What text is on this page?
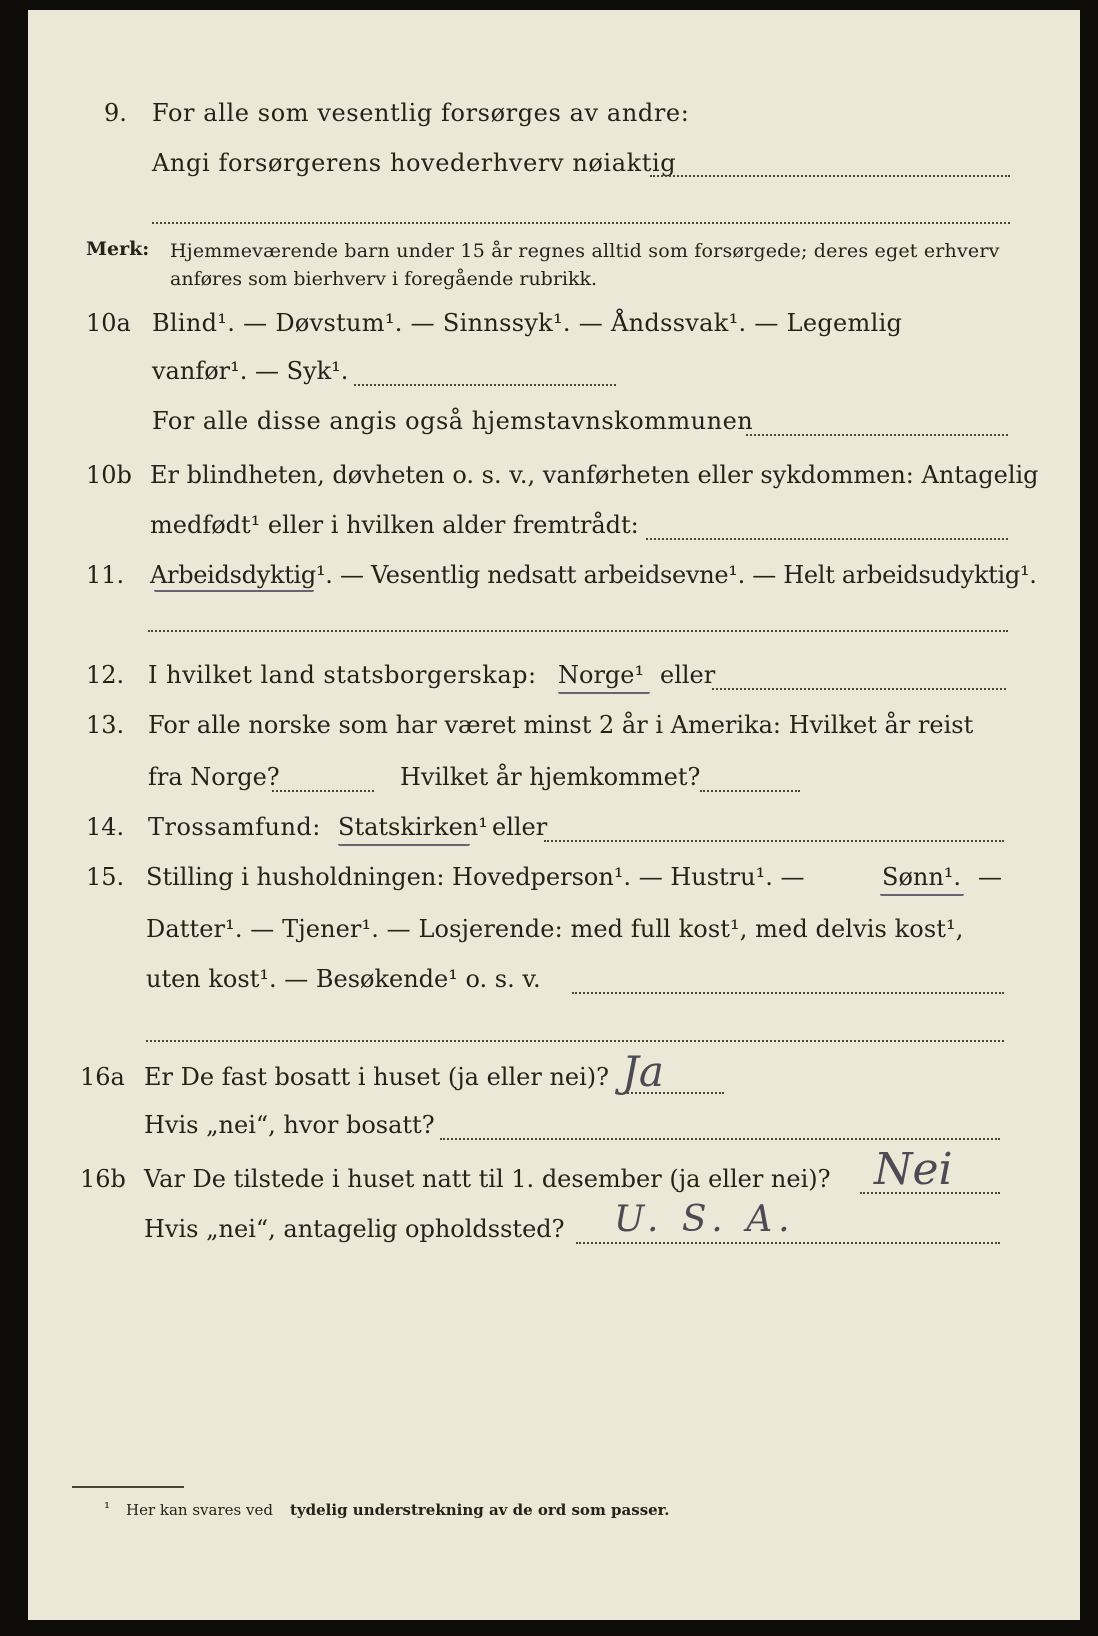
9. For alle som vesentlig forsørges av andre:
Angi forsørgerens hovederhverv nøiaktig
Merk: Hjemmeværende barn under 15 år regnes alltid som forsørgede; deres eget erhverv
anføres som bierhverv i foregående rubrikk.
10a Blind¹. — Døvstum¹. — Sinnssyk¹. — Åndssvak¹. — Legemlig
vanfør¹. — Syk¹.
For alle disse angis også hjemstavnskommunen
10b Er blindheten, døvheten o. s. v., vanførheten eller sykdommen: Antagelig
medfødt¹ eller i hvilken alder fremtrådt:
11. Arbeidsdyktig¹. — Vesentlig nedsatt arbeidsevne¹. — Helt arbeidsudyktig¹.
12. I hvilket land statsborgerskap: Norge¹ eller
13. For alle norske som har været minst 2 år i Amerika: Hvilket år reist
fra Norge?	Hvilket år hjemkommet?
14. Trossamfund: Statskirken¹ eller
15. Stilling i husholdningen: Hovedperson¹. — Hustru¹. —	Sønn¹. —
Datter¹. — Tjener¹. — Losjerende: med full kost¹, med delvis kost¹,
uten kost¹. — Besøkende¹ o. s. v.
16a Er De fast bosatt i huset (ja eller nei)? Ja
Hvis „nei“, hvor bosatt?
16b Var De tilstede i huset natt til 1. desember (ja eller nei)? Nei
Hvis „nei“, antagelig opholdssted? U. S. A.
¹ Her kan svares ved tydelig understrekning av de ord som passer.
